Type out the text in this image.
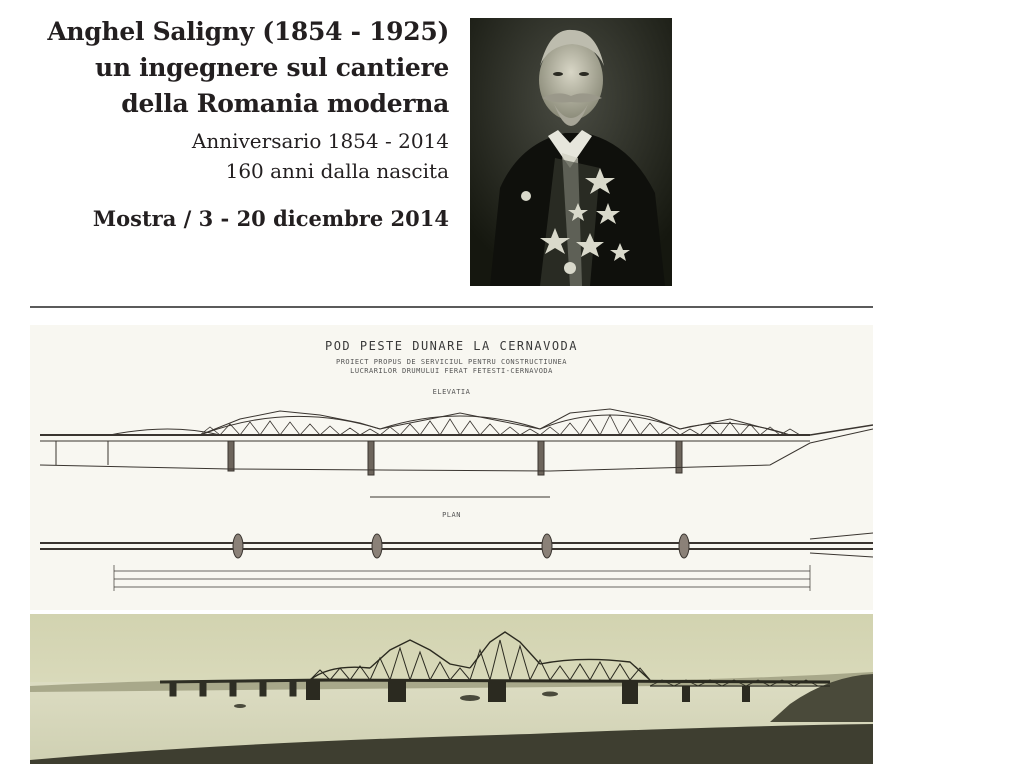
Anghel Saligny (1854 - 1925)
un ingegnere sul cantiere
della Romania moderna
Anniversario 1854 - 2014
160 anni dalla nascita
Mostra / 3 - 20 dicembre 2014
POD PESTE DUNARE LA CERNAVODA
PROIECT PROPUS DE SERVICIUL PENTRU CONSTRUCTIUNEA
LUCRARILOR DRUMULUI FERAT FETESTI-CERNAVODA
ELEVATIA
PLAN
